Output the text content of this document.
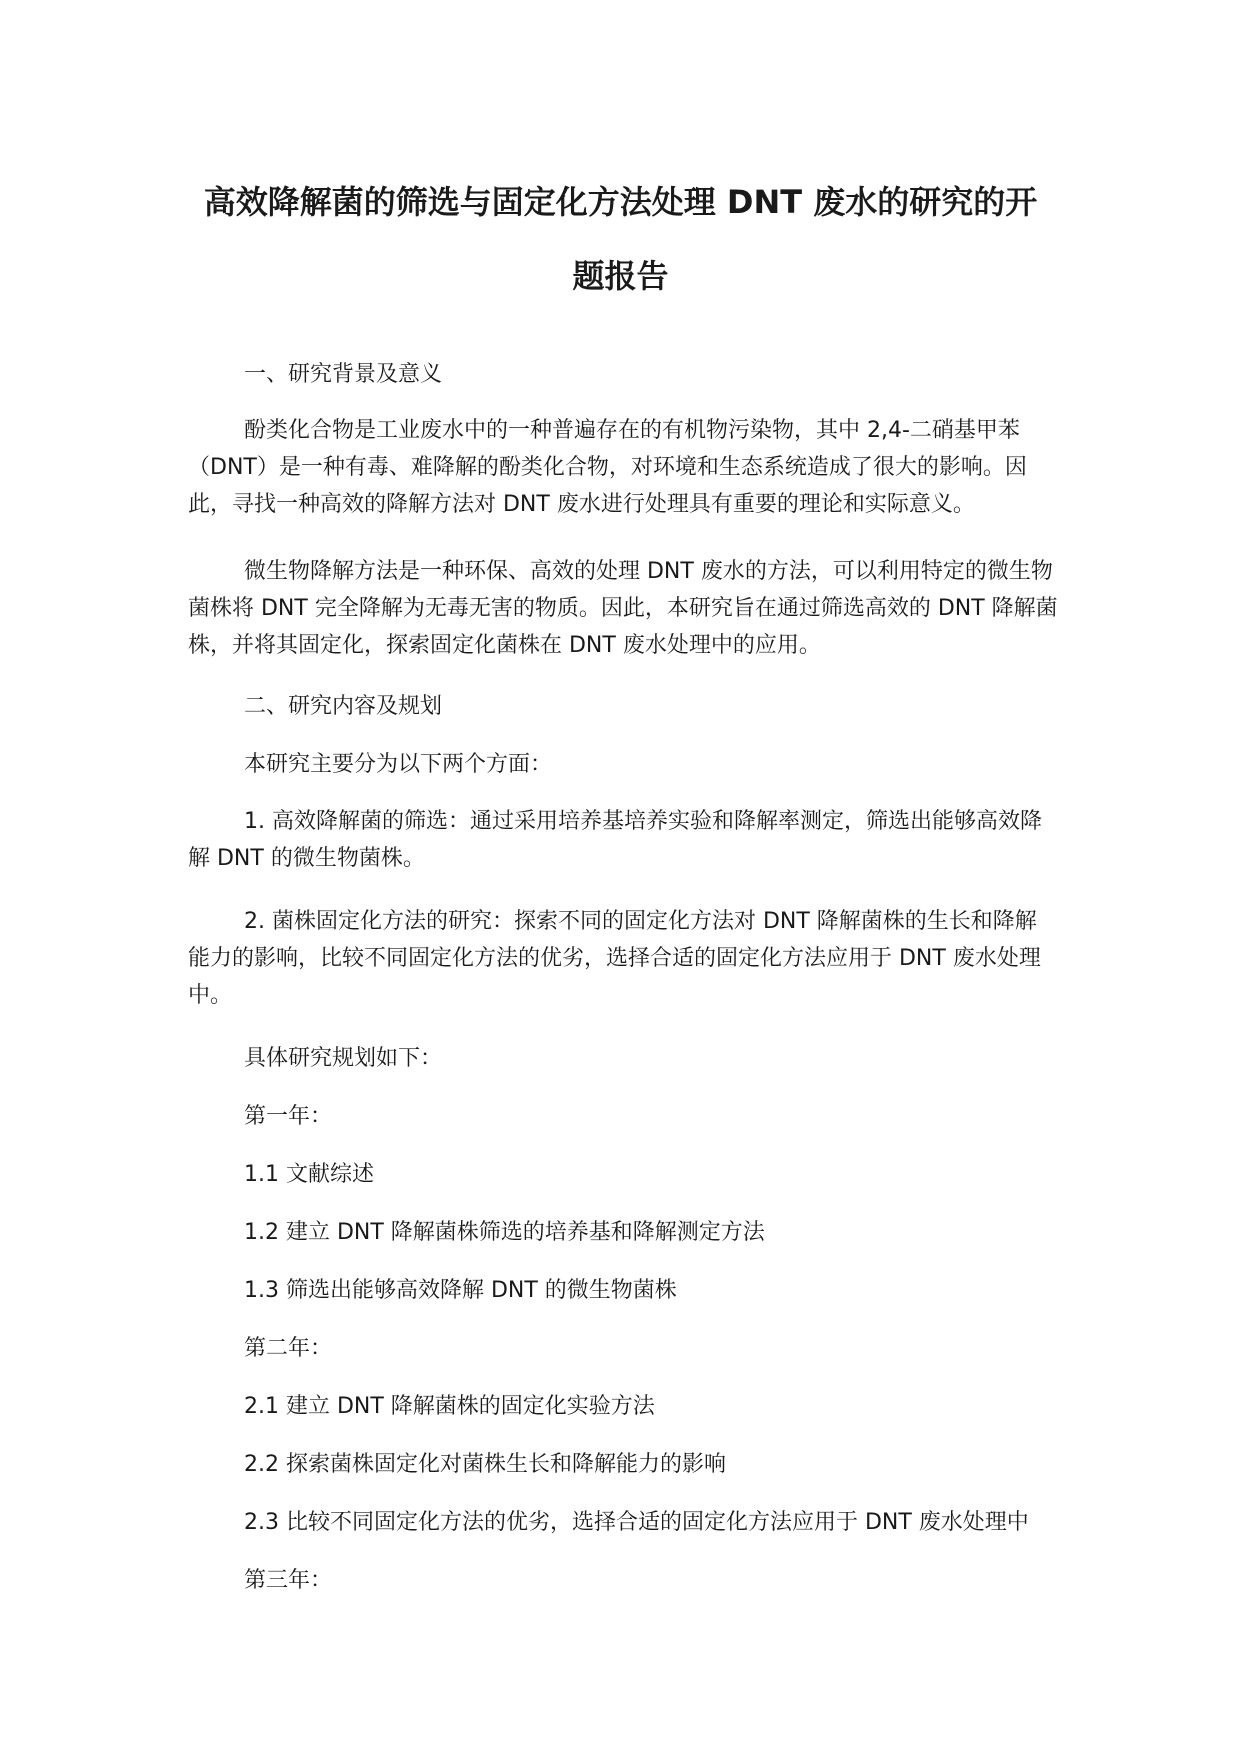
高效降解菌的筛选与固定化方法处理 DNT 废水的研究的开
题报告

一、研究背景及意义

酚类化合物是工业废水中的一种普遍存在的有机物污染物，其中 2,4-二硝基甲苯（DNT）是一种有毒、难降解的酚类化合物，对环境和生态系统造成了很大的影响。因此，寻找一种高效的降解方法对 DNT 废水进行处理具有重要的理论和实际意义。

微生物降解方法是一种环保、高效的处理 DNT 废水的方法，可以利用特定的微生物菌株将 DNT 完全降解为无毒无害的物质。因此，本研究旨在通过筛选高效的 DNT 降解菌株，并将其固定化，探索固定化菌株在 DNT 废水处理中的应用。

二、研究内容及规划

本研究主要分为以下两个方面：

1. 高效降解菌的筛选：通过采用培养基培养实验和降解率测定，筛选出能够高效降解 DNT 的微生物菌株。

2. 菌株固定化方法的研究：探索不同的固定化方法对 DNT 降解菌株的生长和降解能力的影响，比较不同固定化方法的优劣，选择合适的固定化方法应用于 DNT 废水处理中。

具体研究规划如下：

第一年：

1.1 文献综述

1.2 建立 DNT 降解菌株筛选的培养基和降解测定方法

1.3 筛选出能够高效降解 DNT 的微生物菌株

第二年：

2.1 建立 DNT 降解菌株的固定化实验方法

2.2 探索菌株固定化对菌株生长和降解能力的影响

2.3 比较不同固定化方法的优劣，选择合适的固定化方法应用于 DNT 废水处理中

第三年：
